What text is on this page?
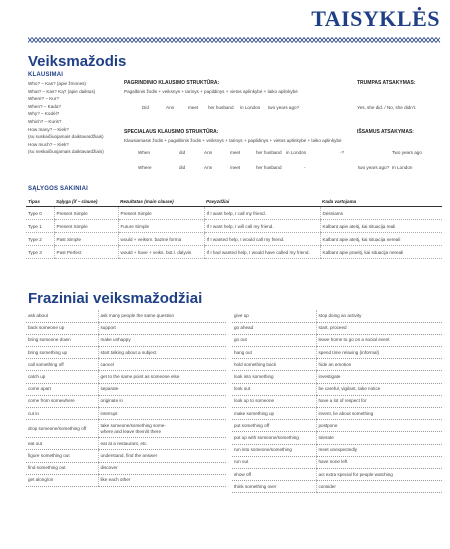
TAISYKLĖS
Veiksmažodis
KLAUSIMAI
Who? – Kas? (apie žmones)
What? – Kas? Ką? (apie daiktus)
Where? – Kur?
When? – Kada?
Why? – Kodėl?
Which? – Kuris?
How many? – Kiek?
(su suskaičiuojamais daiktavardžiais)
How much? – Kiek?
(su neskaičiuojamais daiktavardžiais)
PAGRINDINIO KLAUSIMO STRUKTŪRA:
Pagalbinis žodis + veiksnys + tarinys + papildinys + vietos aplinkybė + laiko aplinkybė
TRUMPAS ATSAKYMAS:
Did	Ann	meet her husband in London two years ago?	Yes, she did. / No, she didn't.
SPECIALAUS KLAUSIMO STRUKTŪRA:	IŠSAMUS ATSAKYMAS:
Klausiamasis žodis + pagalbinis žodis + veiksnys + tarinys + papildinys + vietos aplinkybė + laiko aplinkybė
When	did	Ann	meet	her husband in London	-?	Two years ago
Where	did	Ann	meet	her husband	-	two years ago? In London
SĄLYGOS SAKINIAI
Tipas	Sąlyga (if – clause)	Rezultatas (main clause)	Pavyzdžiai	Kada vartojama
Type 0	Present Simple	Present Simple	If I want help, I call my friend.	Dėsniams
Type 1	Present Simple	Future Simple	If I want help, I will call my friend.	Kalbant apie ateitį, kai situacija reali
Type 2	Past Simple	would + veiksm. bazinė forma	If I wanted help, I would call my friend.	Kalbant apie ateitį, kai situacija nereali
Type 3	Past Perfect	would + have + veiks. būt.l. dalyvis	If I had wanted help, I would have called my friend.	Kalbant apie praeitį, kai situacija nereali
Fraziniai veiksmažodžiai
ask about	ask many people the same question
back someone up	support
bring someone down	make unhappy
bring something up	start talking about a subject
call something off	cancel
catch up	get to the same point as someone else
come apart	separate
come from somewhere	originate in
cut in	interrupt
drop someone/something off	take someone/something some-
where and leave them/it there
eat out	eat at a restaurant, etc.
figure something out	understand, find the answer
find something out	discover
get along/on	like each other
give up	stop doing an activity
go ahead	start, proceed
go out	leave home to go on a social event
hang out	spend time relaxing (informal)
hold something back	hide an emotion
look into something	investigate
look out	be careful, vigilant, take notice
look up to someone	have a lot of respect for
make something up	invent, lie about something
put something off	postpone
put up with someone/something	tolerate
run into someone/something	meet unexpectedly
run out	have none left
show off	act extra special for people watching
think something over	consider
